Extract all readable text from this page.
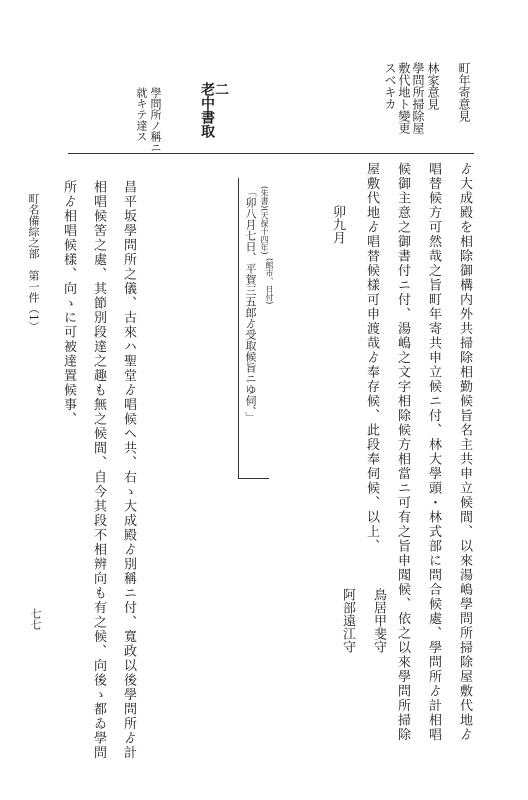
町年寄意見
林家意見
學問所掃除屋
敷代地ト變更
スベキカ
二
老中書取
學問所ノ稱ニ
就キテ達ス
ゟ大成殿を相除御構内外共掃除相勤候旨名主共申立候間、以來湯嶋學問所掃除屋敷代地ゟ
唱替候方可然哉之旨町年寄共申立候ニ付、林大學頭・林式部に問合候處、學問所ゟ計相唱
候御主意之御書付ニ付、湯嶋之文字相除候方相當ニ可有之旨申聞候、依之以來學問所掃除
屋敷代地ゟ唱替候樣可申渡哉ゟ奉存候、此段奉伺候、以上、
卯九月
鳥居甲斐守
阿部遠江守
(朱書)(天保十四年)
「卯八月七日、平賀三五郎ゟ受取候旨ニゆ伺、」 (館市、日付)
昌平坂學問所之儀、古來ハ聖堂ゟ唱候ヘ共、右ゝ大成殿ゟ別稱ニ付、寬政以後學問所ゟ計
相唱候筈之處、其節別段達之趣も無之候間、自今其段不相辨向も有之候、向後ゝ都ゐ學問
所ゟ相唱候樣、向ゝに可被達置候事、
町名備綜之部　第一件（1）
七七
